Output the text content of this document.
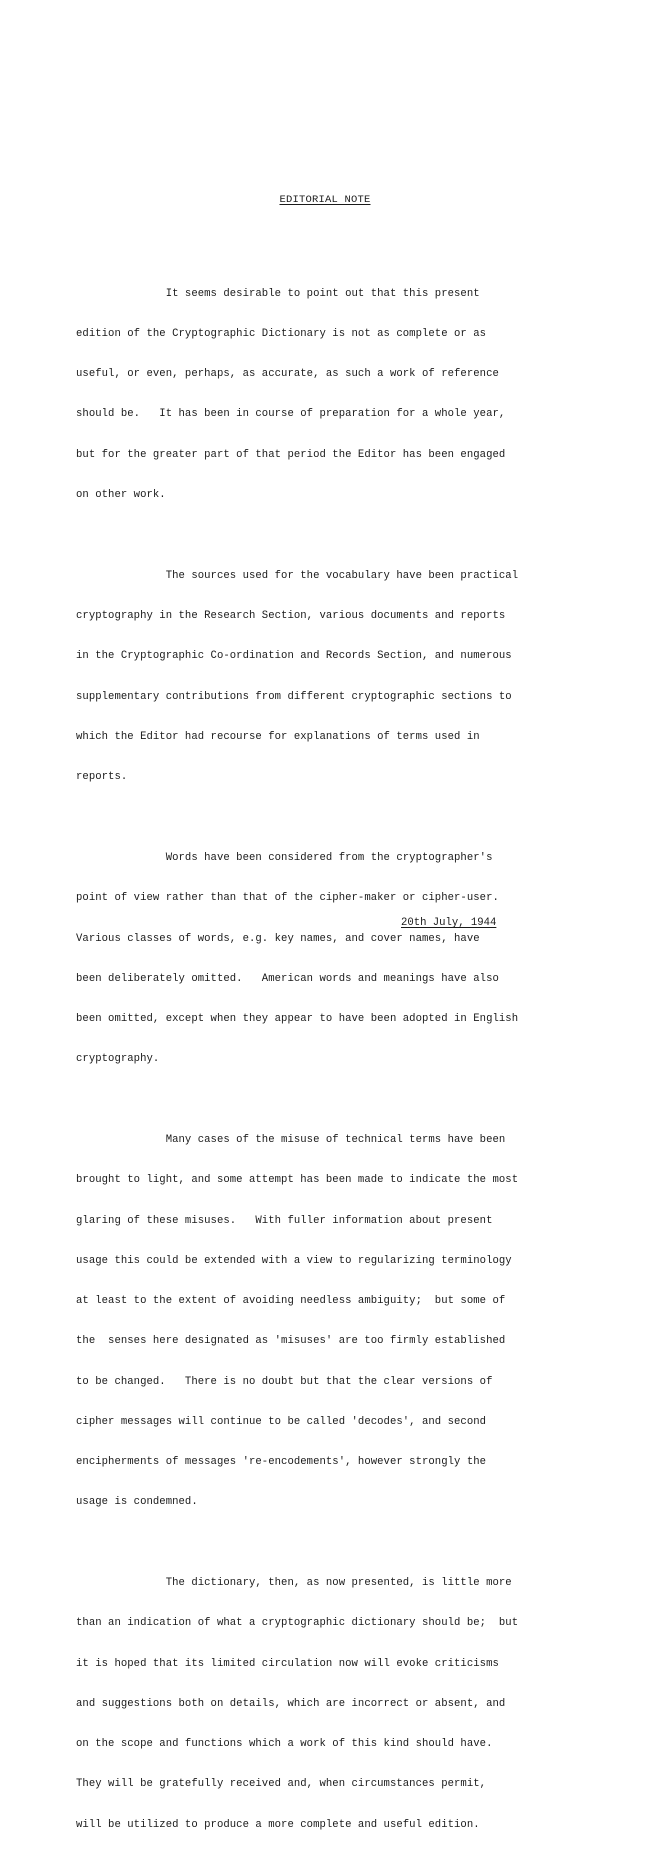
EDITORIAL NOTE

It seems desirable to point out that this present

edition of the Cryptographic Dictionary is not as complete or as

useful, or even, perhaps, as accurate, as such a work of reference

should be.   It has been in course of preparation for a whole year,

but for the greater part of that period the Editor has been engaged

on other work.

The sources used for the vocabulary have been practical

cryptography in the Research Section, various documents and reports

in the Cryptographic Co-ordination and Records Section, and numerous

supplementary contributions from different cryptographic sections to

which the Editor had recourse for explanations of terms used in

reports.

Words have been considered from the cryptographer's

point of view rather than that of the cipher-maker or cipher-user.

Various classes of words, e.g. key names, and cover names, have

been deliberately omitted.   American words and meanings have also

been omitted, except when they appear to have been adopted in English

cryptography.

Many cases of the misuse of technical terms have been

brought to light, and some attempt has been made to indicate the most

glaring of these misuses.   With fuller information about present

usage this could be extended with a view to regularizing terminology

at least to the extent of avoiding needless ambiguity;  but some of

the  senses here designated as 'misuses' are too firmly established

to be changed.   There is no doubt but that the clear versions of

cipher messages will continue to be called 'decodes', and second

encipherments of messages 're-encodements', however strongly the

usage is condemned.

The dictionary, then, as now presented, is little more

than an indication of what a cryptographic dictionary should be;  but

it is hoped that its limited circulation now will evoke criticisms

and suggestions both on details, which are incorrect or absent, and

on the scope and functions which a work of this kind should have.

They will be gratefully received and, when circumstances permit,

will be utilized to produce a more complete and useful edition.

20th July, 1944
